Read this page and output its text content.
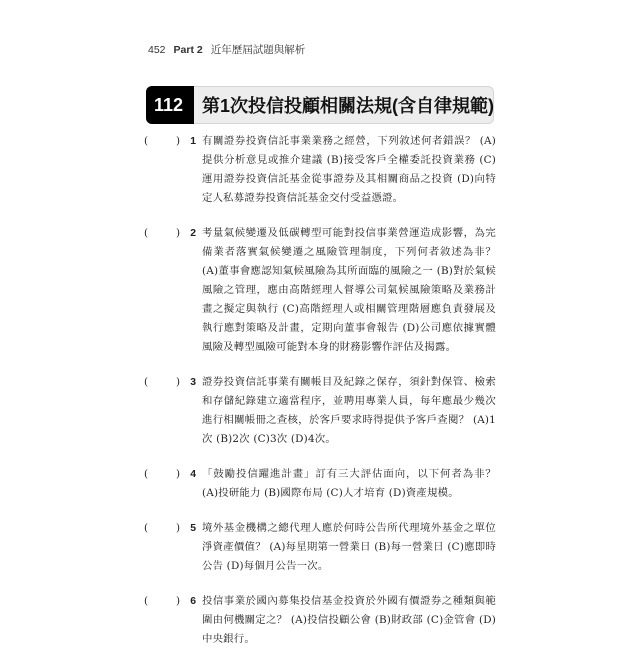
452 Part 2 近年歷屆試題與解析
112年
第1次投信投顧相關法規(含自律規範)
(	) 1 有關證券投資信託事業業務之經營，下列敘述何者錯誤？ (A)提供分析意見或推介建議 (B)接受客戶全權委託投資業務 (C)運用證券投資信託基金從事證券及其相關商品之投資 (D)向特定人私募證券投資信託基金交付受益憑證。
(	) 2 考量氣候變遷及低碳轉型可能對投信事業營運造成影響，為完備業者落實氣候變遷之風險管理制度，下列何者敘述為非？ (A)董事會應認知氣候風險為其所面臨的風險之一 (B)對於氣候風險之管理，應由高階經理人督導公司氣候風險策略及業務計畫之擬定與執行 (C)高階經理人或相關管理階層應負責發展及執行應對策略及計畫，定期向董事會報告 (D)公司應依據實體風險及轉型風險可能對本身的財務影響作評估及揭露。
(	) 3 證券投資信託事業有關帳目及紀錄之保存，須針對保管、檢索和存儲紀錄建立適當程序，並聘用專業人員，每年應最少幾次進行相關帳冊之查核，於客戶要求時得提供予客戶查閱？ (A)1次 (B)2次 (C)3次 (D)4次。
(	) 4 「鼓勵投信躍進計畫」訂有三大評估面向，以下何者為非？ (A)投研能力 (B)國際布局 (C)人才培育 (D)資產規模。
(	) 5 境外基金機構之總代理人應於何時公告所代理境外基金之單位淨資產價值？ (A)每星期第一營業日 (B)每一營業日 (C)應即時公告 (D)每個月公告一次。
(	) 6 投信事業於國內募集投信基金投資於外國有價證券之種類與範圍由何機關定之？ (A)投信投顧公會 (B)財政部 (C)金管會 (D)中央銀行。
